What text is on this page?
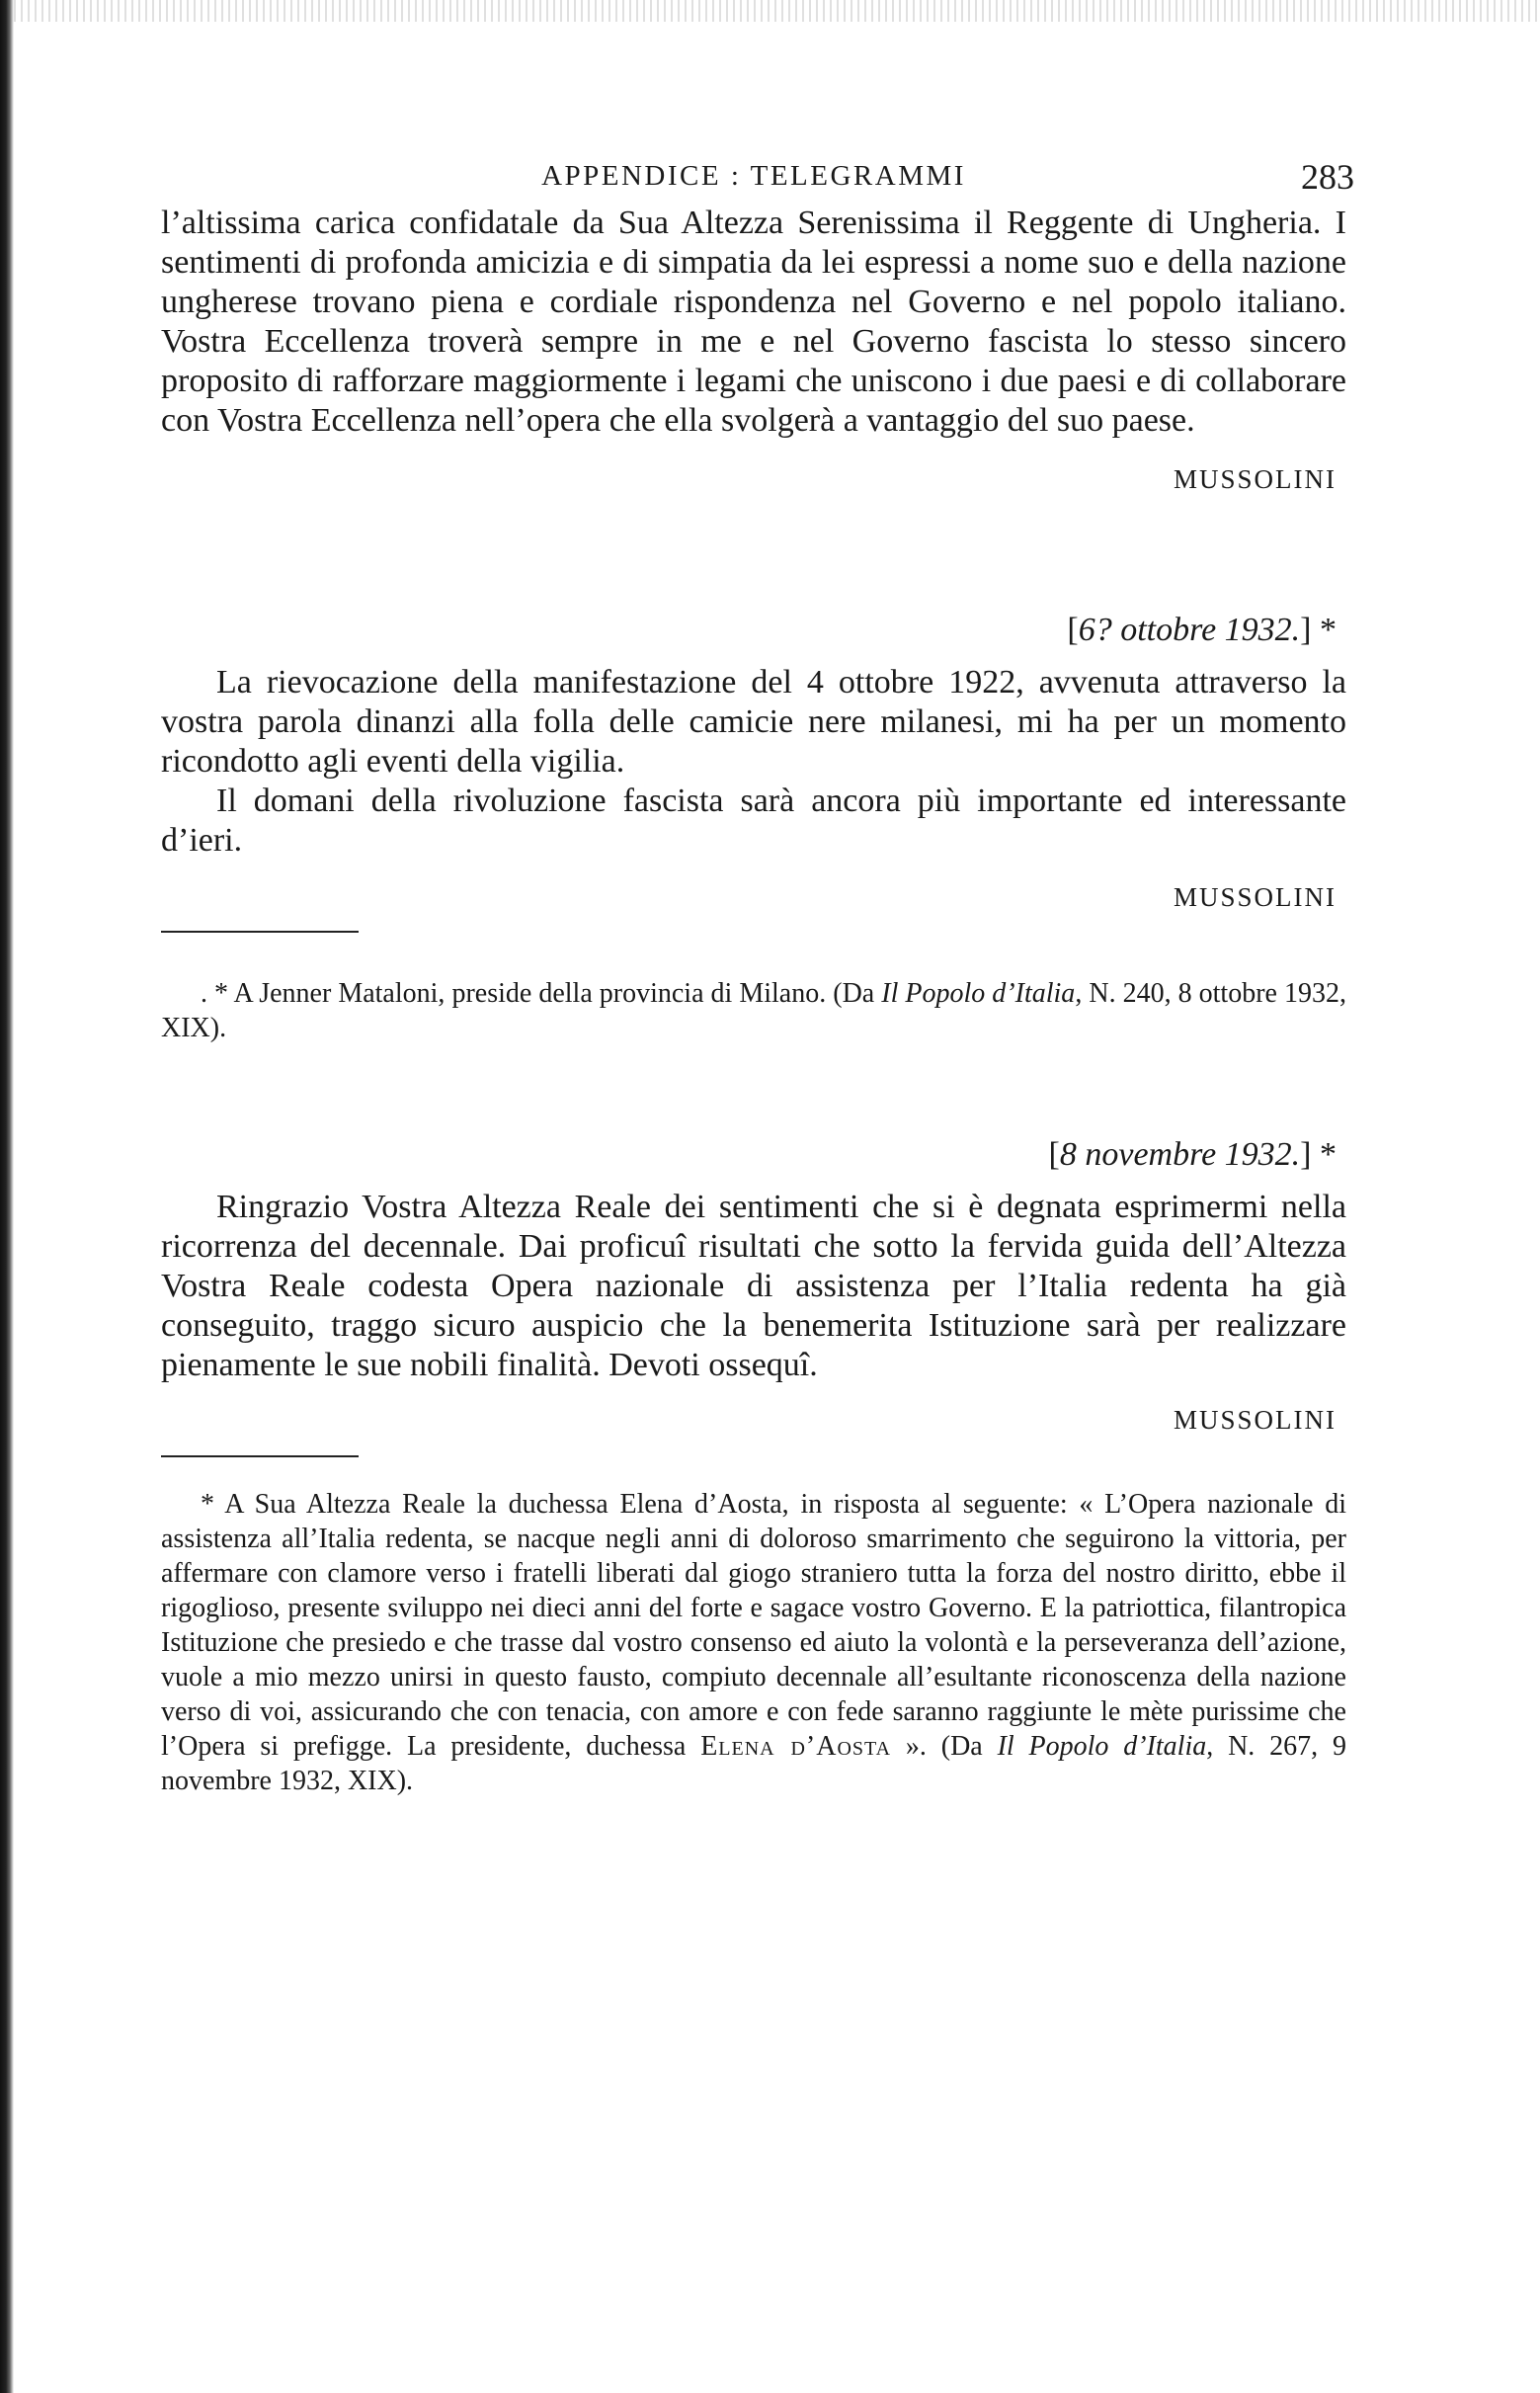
APPENDICE : TELEGRAMMI	283

l’altissima carica confidatale da Sua Altezza Serenissima il Reggente di Ungheria. I sentimenti di profonda amicizia e di simpatia da lei espressi a nome suo e della nazione ungherese trovano piena e cordiale rispondenza nel Governo e nel popolo italiano. Vostra Eccellenza troverà sempre in me e nel Governo fascista lo stesso sincero proposito di rafforzare maggiormente i legami che uniscono i due paesi e di collaborare con Vostra Eccellenza nell’opera che ella svolgerà a vantaggio del suo paese.

MUSSOLINI
[6? ottobre 1932.] *

La rievocazione della manifestazione del 4 ottobre 1922, avvenuta attraverso la vostra parola dinanzi alla folla delle camicie nere milanesi, mi ha per un momento ricondotto agli eventi della vigilia.

Il domani della rivoluzione fascista sarà ancora più importante ed interessante d’ieri.

MUSSOLINI

. * A Jenner Mataloni, preside della provincia di Milano. (Da Il Popolo d’Italia, N. 240, 8 ottobre 1932, XIX).

[8 novembre 1932.] *

Ringrazio Vostra Altezza Reale dei sentimenti che si è degnata esprimermi nella ricorrenza del decennale. Dai proficuî risultati che sotto la fervida guida dell’Altezza Vostra Reale codesta Opera nazionale di assistenza per l’Italia redenta ha già conseguito, traggo sicuro auspicio che la benemerita Istituzione sarà per realizzare pienamente le sue nobili finalità. Devoti ossequî.

MUSSOLINI

* A Sua Altezza Reale la duchessa Elena d’Aosta, in risposta al seguente: « L’Opera nazionale di assistenza all’Italia redenta, se nacque negli anni di doloroso smarrimento che seguirono la vittoria, per affermare con clamore verso i fratelli liberati dal giogo straniero tutta la forza del nostro diritto, ebbe il rigoglioso, presente sviluppo nei dieci anni del forte e sagace vostro Governo. E la patriottica, filantropica Istituzione che presiedo e che trasse dal vostro consenso ed aiuto la volontà e la perseveranza dell’azione, vuole a mio mezzo unirsi in questo fausto, compiuto decennale all’esultante riconoscenza della nazione verso di voi, assicurando che con tenacia, con amore e con fede saranno raggiunte le mète purissime che l’Opera si prefigge. La presidente, duchessa Elena d’Aosta ». (Da Il Popolo d’Italia, N. 267, 9 novembre 1932, XIX).
